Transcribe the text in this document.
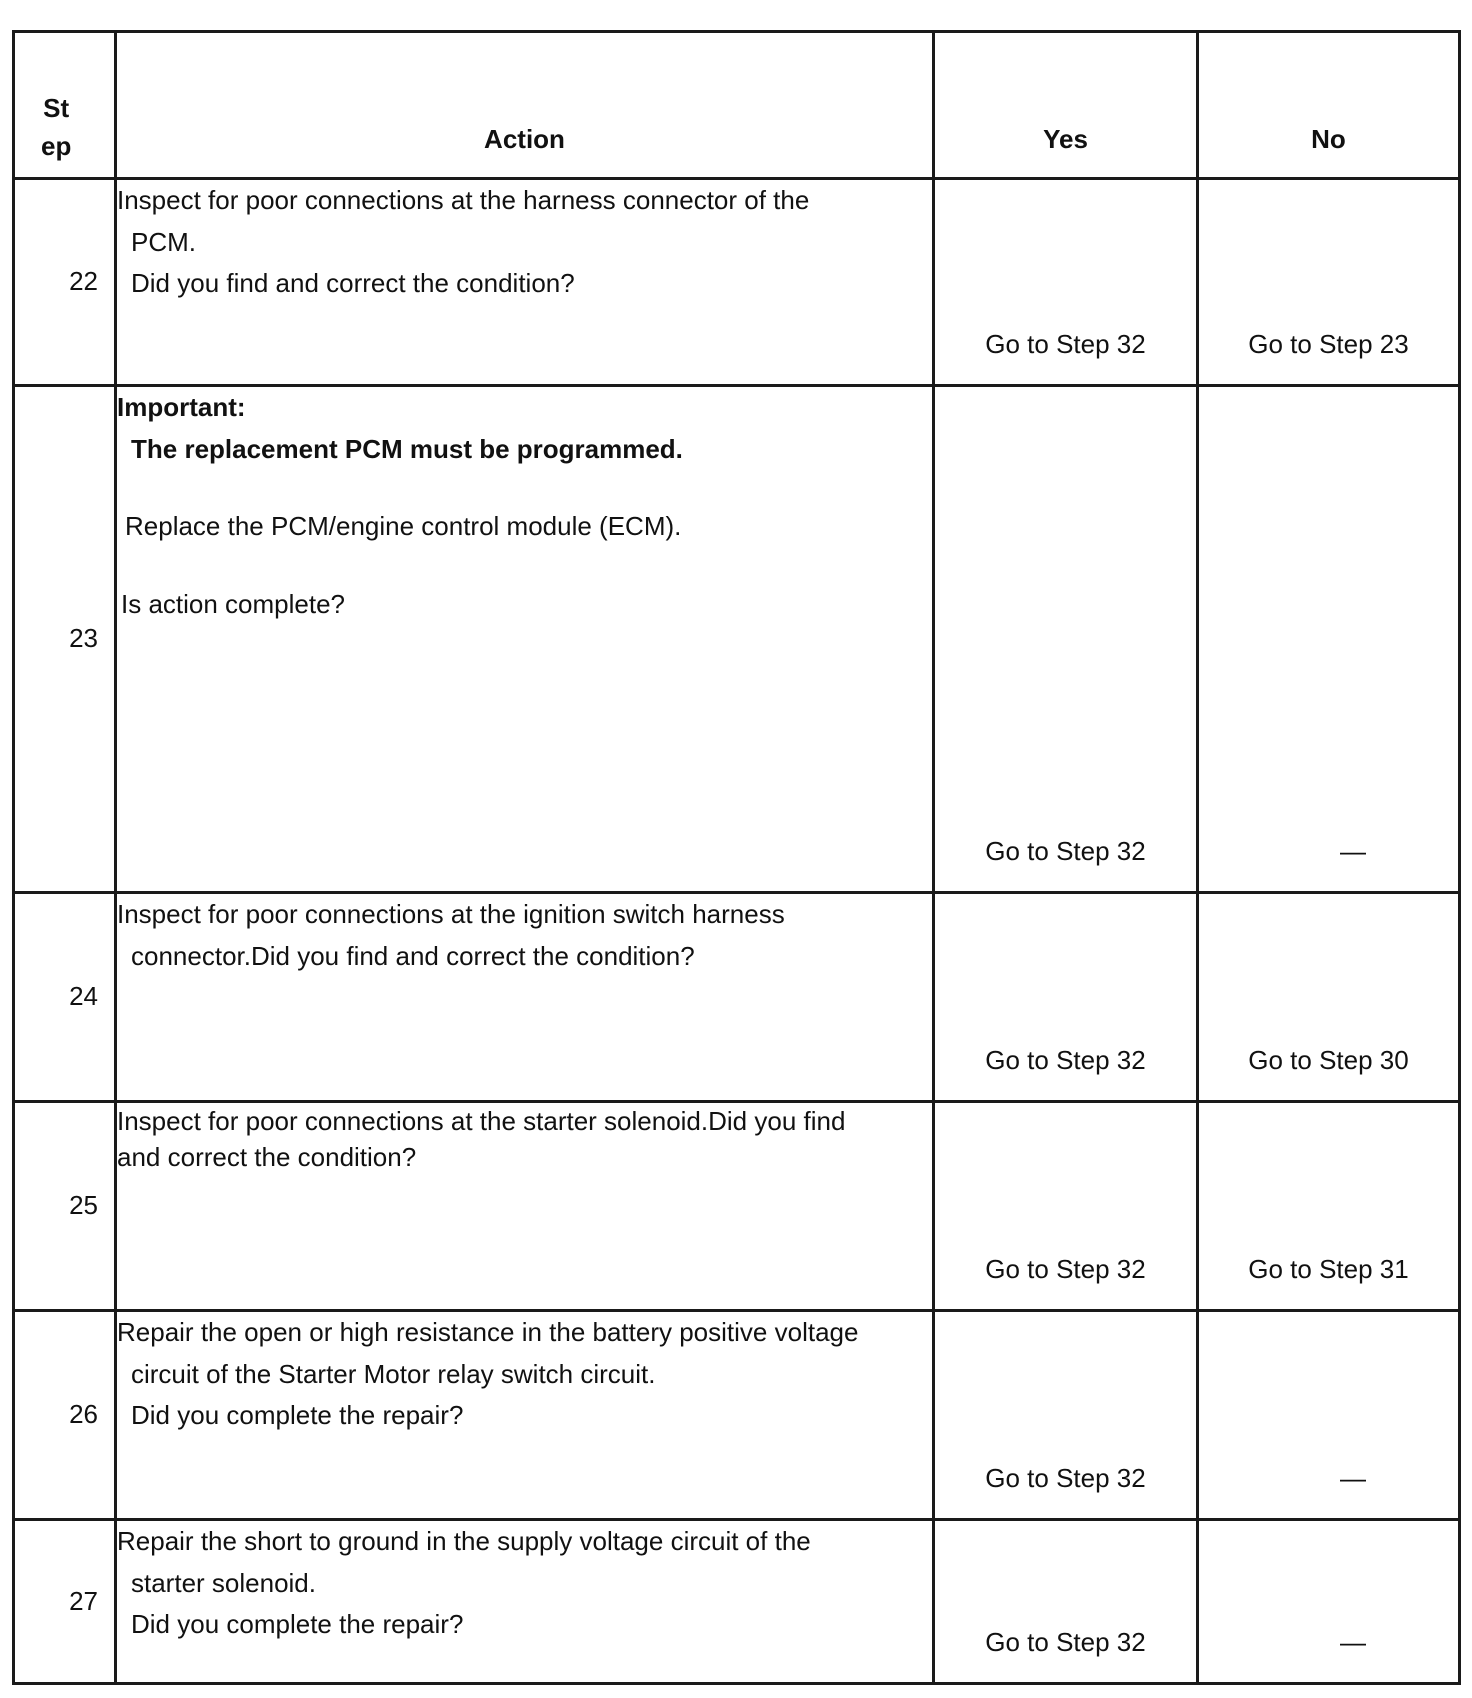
St
ep	Action	Yes	No

22	Inspect for poor connections at the harness connector of the
PCM.
Did you find and correct the condition?	Go to Step 32	Go to Step 23

23	Important:
The replacement PCM must be programmed.
Replace the PCM/engine control module (ECM).
Is action complete?	Go to Step 32	—

24	Inspect for poor connections at the ignition switch harness
connector.Did you find and correct the condition?	Go to Step 32	Go to Step 30

25	Inspect for poor connections at the starter solenoid.Did you find
and correct the condition?	Go to Step 32	Go to Step 31

26	Repair the open or high resistance in the battery positive voltage
circuit of the Starter Motor relay switch circuit.
Did you complete the repair?	Go to Step 32	—

27	Repair the short to ground in the supply voltage circuit of the
starter solenoid.
Did you complete the repair?	Go to Step 32	—
